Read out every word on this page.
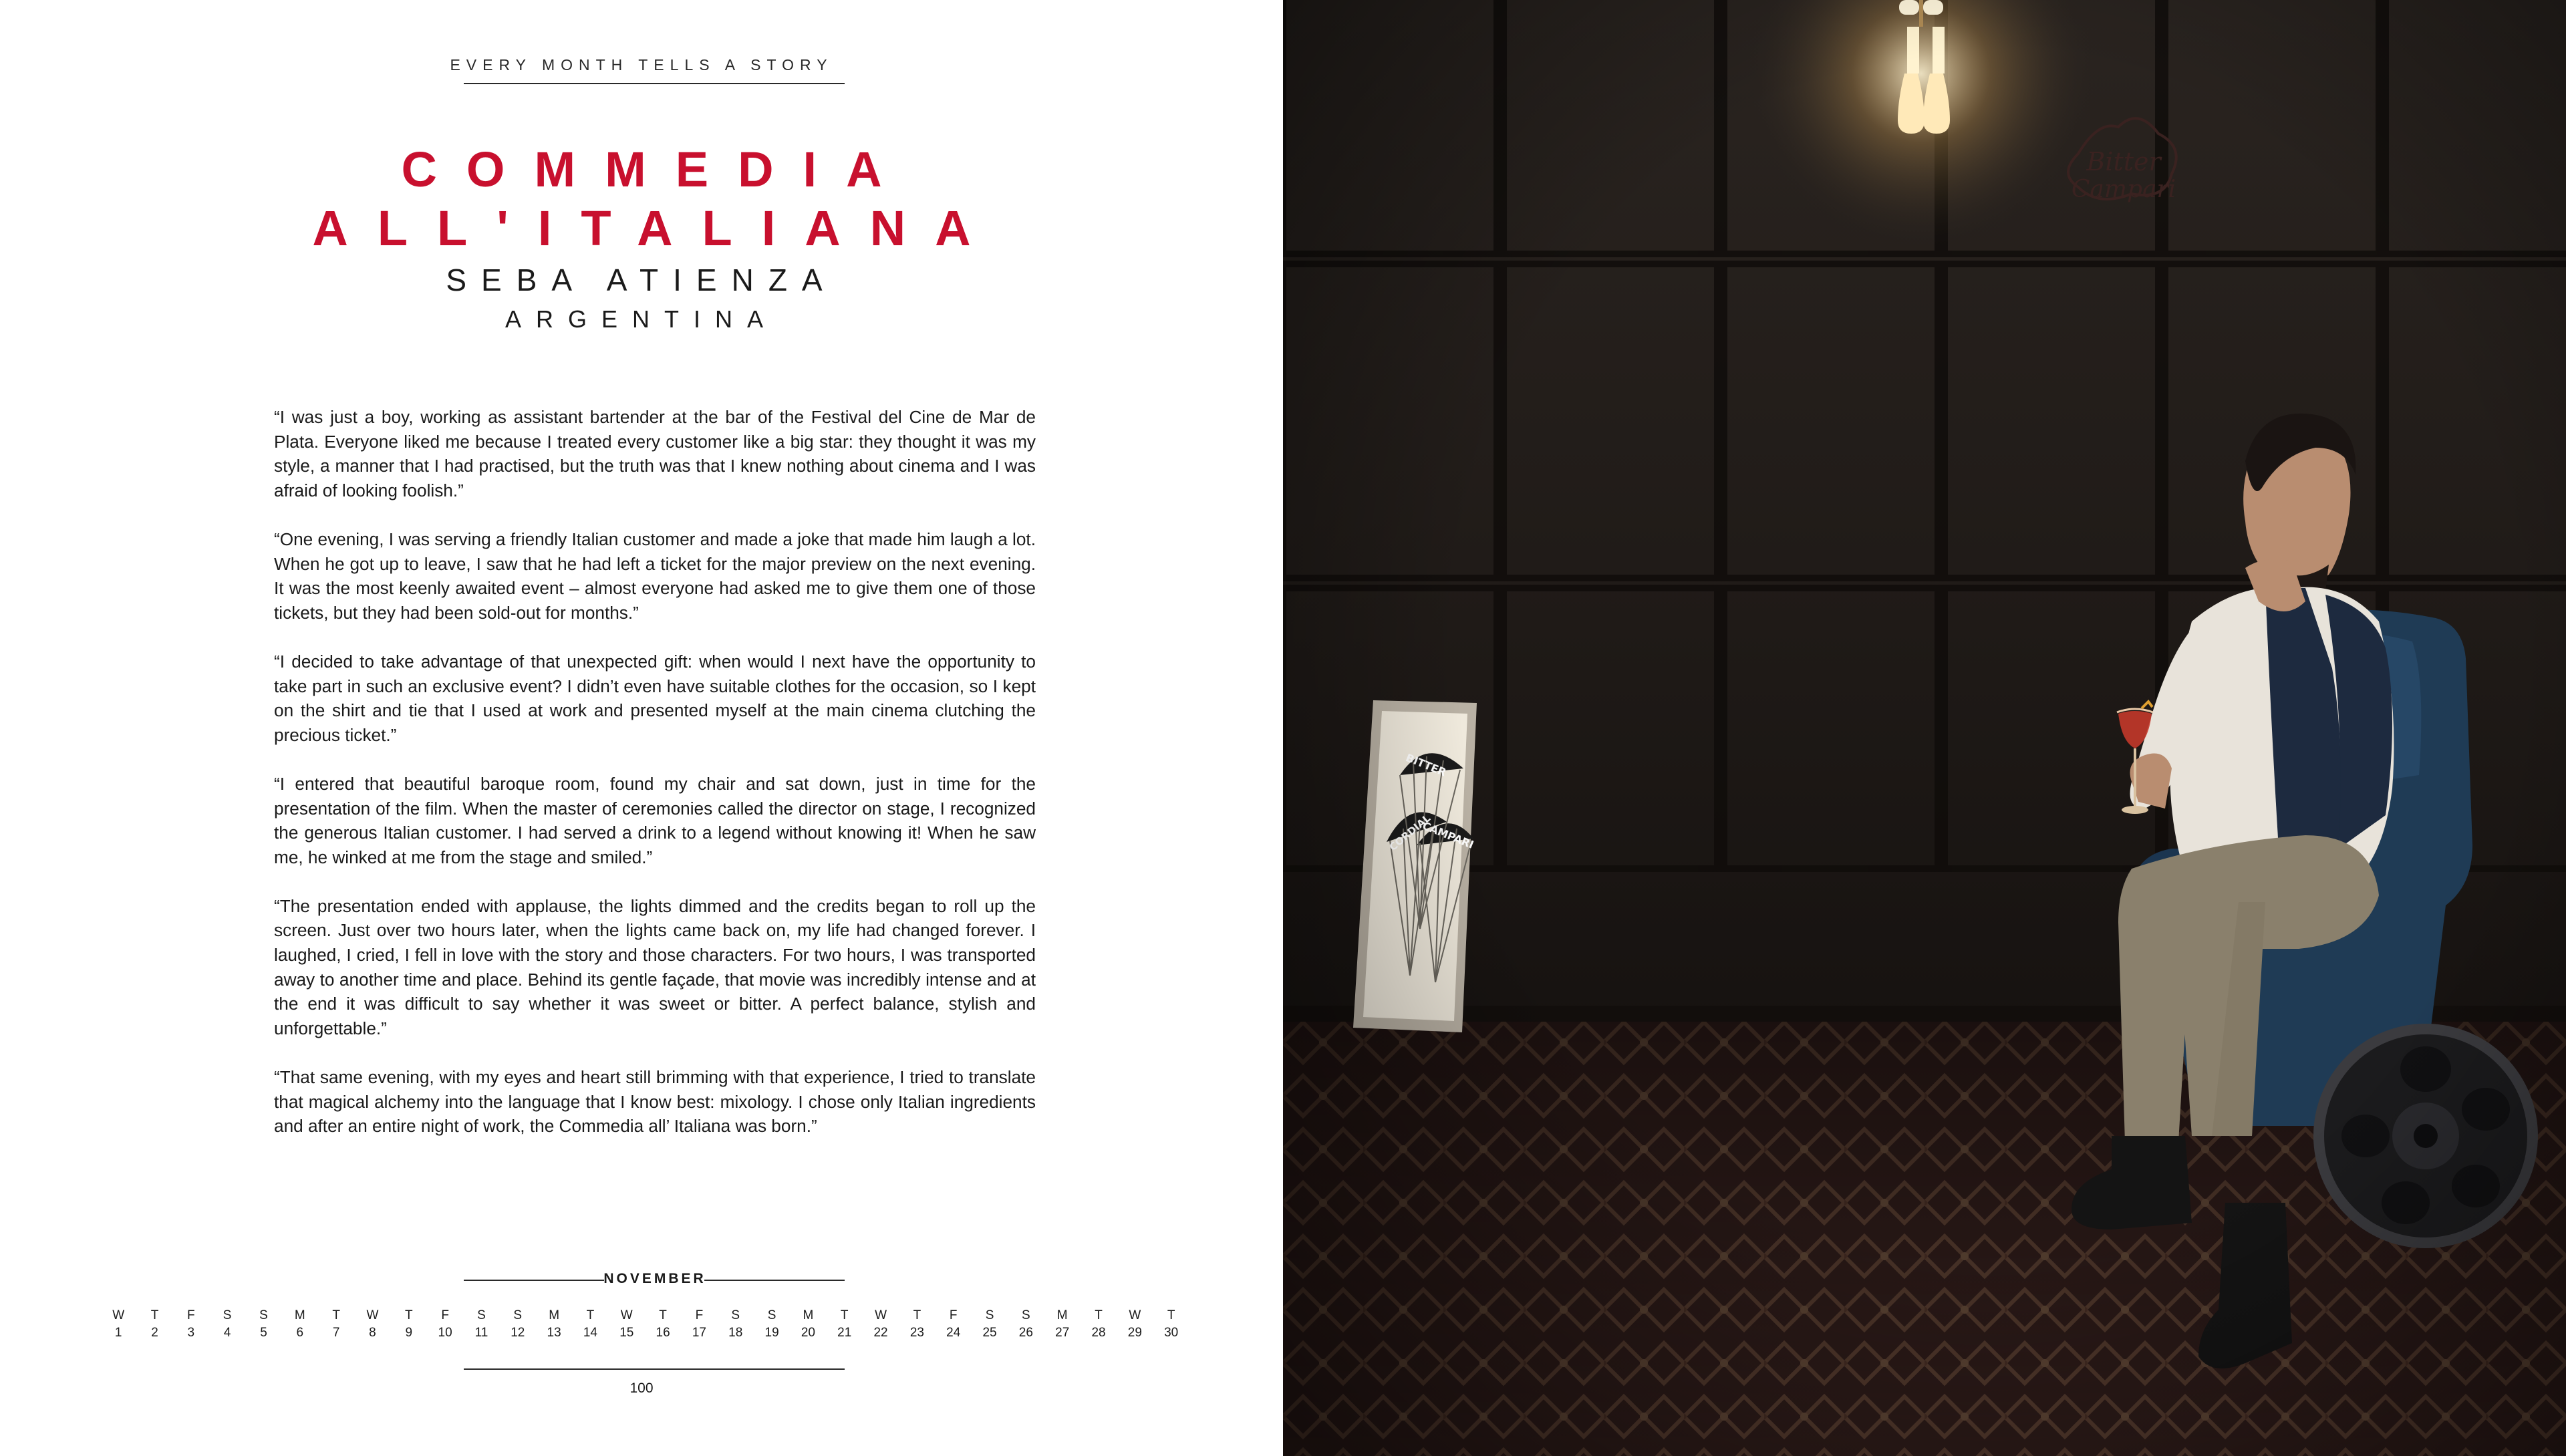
EVERY MONTH TELLS A STORY
COMMEDIA
ALL'ITALIANA
SEBA ATIENZA
ARGENTINA

“I was just a boy, working as assistant bartender at the bar of the Festival del Cine de Mar de Plata. Everyone liked me because I treated every customer like a big star: they thought it was my style, a manner that I had practised, but the truth was that I knew nothing about cinema and I was afraid of looking foolish.”

“One evening, I was serving a friendly Italian customer and made a joke that made him laugh a lot. When he got up to leave, I saw that he had left a ticket for the major preview on the next evening. It was the most keenly awaited event – almost everyone had asked me to give them one of those tickets, but they had been sold-out for months.”

“I decided to take advantage of that unexpected gift: when would I next have the opportunity to take part in such an exclusive event? I didn’t even have suitable clothes for the occasion, so I kept on the shirt and tie that I used at work and presented myself at the main cinema clutching the precious ticket.”

“I entered that beautiful baroque room, found my chair and sat down, just in time for the presentation of the film. When the master of ceremonies called the director on stage, I recognized the generous Italian customer. I had served a drink to a legend without knowing it! When he saw me, he winked at me from the stage and smiled.”

“The presentation ended with applause, the lights dimmed and the credits began to roll up the screen. Just over two hours later, when the lights came back on, my life had changed forever. I laughed, I cried, I fell in love with the story and those characters. For two hours, I was transported away to another time and place. Behind its gentle façade, that movie was incredibly intense and at the end it was difficult to say whether it was sweet or bitter. A perfect balance, stylish and unforgettable.”

“That same evening, with my eyes and heart still brimming with that experience, I tried to translate that magical alchemy into the language that I know best: mixology. I chose only Italian ingredients and after an entire night of work, the Commedia all’ Italiana was born.”

NOVEMBER
W
1
T
2
F
3
S
4
S
5
M
6
T
7
W
8
T
9
F
10
S
11
S
12
M
13
T
14
W
15
T
16
F
17
S
18
S
19
M
20
T
21
W
22
T
23
F
24
S
25
S
26
M
27
T
28
W
29
T
30
100
